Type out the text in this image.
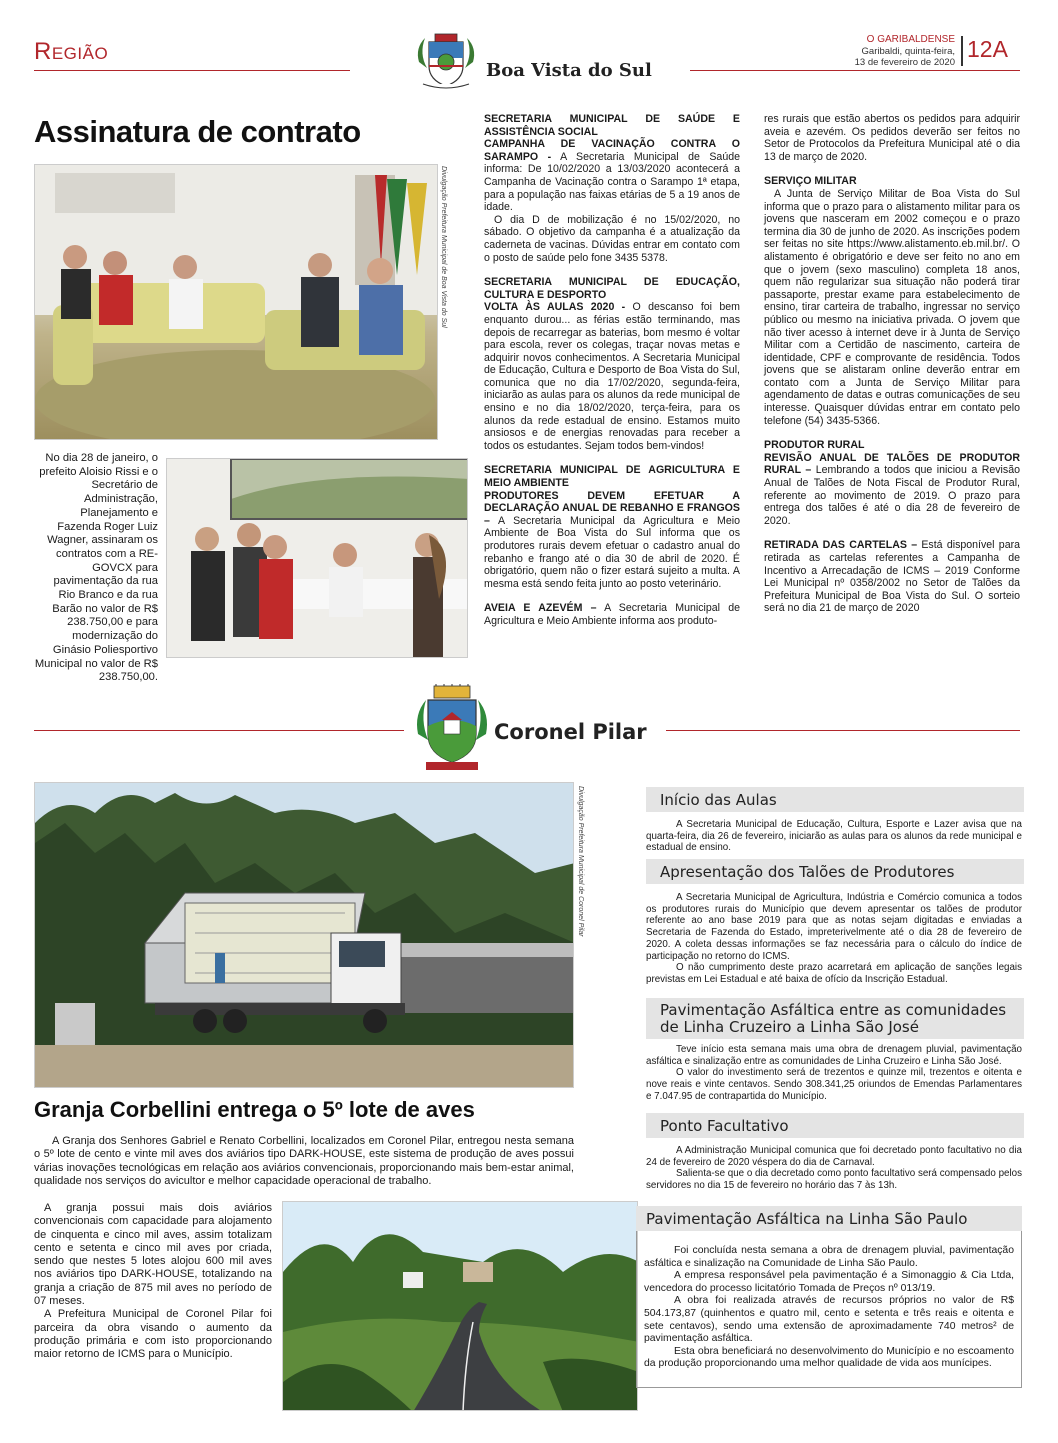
Região
Boa Vista do Sul
O GARIBALDENSE
Garibaldi, quinta-feira,
13 de fevereiro de 2020
12A
Assinatura de contrato
Divulgação Prefeitura Municipal de Boa Vista do Sul
No dia 28 de janeiro, o prefeito Aloisio Rissi e o Secretário de Administração, Planejamento e Fazenda Roger Luiz Wagner, assinaram os contratos com a RE-GOVCX para pavimentação da rua Rio Branco e da rua Barão no valor de R$ 238.750,00 e para modernização do Ginásio Poliesportivo Municipal no valor de R$ 238.750,00.
SECRETARIA MUNICIPAL DE SAÚDE E ASSISTÊNCIA SOCIAL
CAMPANHA DE VACINAÇÃO CONTRA O SARAMPO - A Secretaria Municipal de Saúde informa: De 10/02/2020 a 13/03/2020 acontecerá a Campanha de Vacinação contra o Sarampo 1ª etapa, para a população nas faixas etárias de 5 a 19 anos de idade.

O dia D de mobilização é no 15/02/2020, no sábado. O objetivo da campanha é a atualização da caderneta de vacinas. Dúvidas entrar em contato com o posto de saúde pelo fone 3435 5378.

SECRETARIA MUNICIPAL DE EDUCAÇÃO, CULTURA E DESPORTO
VOLTA ÀS AULAS 2020 - O descanso foi bem enquanto durou... as férias estão terminando, mas depois de recarregar as baterias, bom mesmo é voltar para escola, rever os colegas, traçar novas metas e adquirir novos conhecimentos. A Secretaria Municipal de Educação, Cultura e Desporto de Boa Vista do Sul, comunica que no dia 17/02/2020, segunda-feira, iniciarão as aulas para os alunos da rede municipal de ensino e no dia 18/02/2020, terça-feira, para os alunos da rede estadual de ensino. Estamos muito ansiosos e de energias renovadas para receber a todos os estudantes. Sejam todos bem-vindos!
SECRETARIA MUNICIPAL DE AGRICULTURA E MEIO AMBIENTE
PRODUTORES DEVEM EFETUAR A DECLARAÇÃO ANUAL DE REBANHO E FRANGOS – A Secretaria Municipal da Agricultura e Meio Ambiente de Boa Vista do Sul informa que os produtores rurais devem efetuar o cadastro anual do rebanho e frango até o dia 30 de abril de 2020. É obrigatório, quem não o fizer estará sujeito a multa. A mesma está sendo feita junto ao posto veterinário.
AVEIA E AZEVÉM – A Secretaria Municipal de Agricultura e Meio Ambiente informa aos produto-
res rurais que estão abertos os pedidos para adquirir aveia e azevém. Os pedidos deverão ser feitos no Setor de Protocolos da Prefeitura Municipal até o dia 13 de março de 2020.
SERVIÇO MILITAR

A Junta de Serviço Militar de Boa Vista do Sul informa que o prazo para o alistamento militar para os jovens que nasceram em 2002 começou e o prazo termina dia 30 de junho de 2020. As inscrições podem ser feitas no site https://www.alistamento.eb.mil.br/. O alistamento é obrigatório e deve ser feito no ano em que o jovem (sexo masculino) completa 18 anos, quem não regularizar sua situação não poderá tirar passaporte, prestar exame para estabelecimento de ensino, tirar carteira de trabalho, ingressar no serviço público ou mesmo na iniciativa privada. O jovem que não tiver acesso à internet deve ir à Junta de Serviço Militar com a Certidão de nascimento, carteira de identidade, CPF e comprovante de residência. Todos jovens que se alistaram online deverão entrar em contato com a Junta de Serviço Militar para agendamento de datas e outras comunicações de seu interesse. Quaisquer dúvidas entrar em contato pelo telefone (54) 3435-5366.

PRODUTOR RURAL
REVISÃO ANUAL DE TALÕES DE PRODUTOR RURAL – Lembrando a todos que iniciou a Revisão Anual de Talões de Nota Fiscal de Produtor Rural, referente ao movimento de 2019. O prazo para entrega dos talões é até o dia 28 de fevereiro de 2020.
RETIRADA DAS CARTELAS – Está disponível para retirada as cartelas referentes a Campanha de Incentivo a Arrecadação de ICMS – 2019 Conforme Lei Municipal nº 0358/2002 no Setor de Talões da Prefeitura Municipal de Boa Vista do Sul. O sorteio será no dia 21 de março de 2020
Coronel Pilar
Divulgação Prefeitura Municipal de Coronel Pilar
Granja Corbellini entrega o 5º lote de aves
A Granja dos Senhores Gabriel e Renato Corbellini, localizados em Coronel Pilar, entregou nesta semana o 5º lote de cento e vinte mil aves dos aviários tipo DARK-HOUSE, este sistema de produção de aves possui várias inovações tecnológicas em relação aos aviários convencionais, proporcionando mais bem-estar animal, qualidade nos serviços do avicultor e melhor capacidade operacional de trabalho.

A granja possui mais dois aviários convencionais com capacidade para alojamento de cinquenta e cinco mil aves, assim totalizam cento e setenta e cinco mil aves por criada, sendo que nestes 5 lotes alojou 600 mil aves nos aviários tipo DARK-HOUSE, totalizando na granja a criação de 875 mil aves no período de 07 meses.

A Prefeitura Municipal de Coronel Pilar foi parceira da obra visando o aumento da produção primária e com isto proporcionando maior retorno de ICMS para o Município.

Início das Aulas

A Secretaria Municipal de Educação, Cultura, Esporte e Lazer avisa que na quarta-feira, dia 26 de fevereiro, iniciarão as aulas para os alunos da rede municipal e estadual de ensino.

Apresentação dos Talões de Produtores

A Secretaria Municipal de Agricultura, Indústria e Comércio comunica a todos os produtores rurais do Município que devem apresentar os talões de produtor referente ao ano base 2019 para que as notas sejam digitadas e enviadas a Secretaria de Fazenda do Estado, impreterivelmente até o dia 28 de fevereiro de 2020. A coleta dessas informações se faz necessária para o cálculo do índice de participação no retorno do ICMS.

O não cumprimento deste prazo acarretará em aplicação de sanções legais previstas em Lei Estadual e até baixa de ofício da Inscrição Estadual.

Pavimentação Asfáltica entre as comunidades de Linha Cruzeiro a Linha São José

Teve início esta semana mais uma obra de drenagem pluvial, pavimentação asfáltica e sinalização entre as comunidades de Linha Cruzeiro e Linha São José.

O valor do investimento será de trezentos e quinze mil, trezentos e oitenta e nove reais e vinte centavos. Sendo 308.341,25 oriundos de Emendas Parlamentares e 7.047.95 de contrapartida do Município.

Ponto Facultativo

A Administração Municipal comunica que foi decretado ponto facultativo no dia 24 de fevereiro de 2020 véspera do dia de Carnaval.

Salienta-se que o dia decretado como ponto facultativo será compensado pelos servidores no dia 15 de fevereiro no horário das 7 às 13h.

Pavimentação Asfáltica na Linha São Paulo

Foi concluída nesta semana a obra de drenagem pluvial, pavimentação asfáltica e sinalização na Comunidade de Linha São Paulo.

A empresa responsável pela pavimentação é a Simonaggio & Cia Ltda, vencedora do processo licitatório Tomada de Preços nº 013/19.

A obra foi realizada através de recursos próprios no valor de R$ 504.173,87 (quinhentos e quatro mil, cento e setenta e três reais e oitenta e sete centavos), sendo uma extensão de aproximadamente 740 metros² de pavimentação asfáltica.

Esta obra beneficiará no desenvolvimento do Município e no escoamento da produção proporcionando uma melhor qualidade de vida aos munícipes.
